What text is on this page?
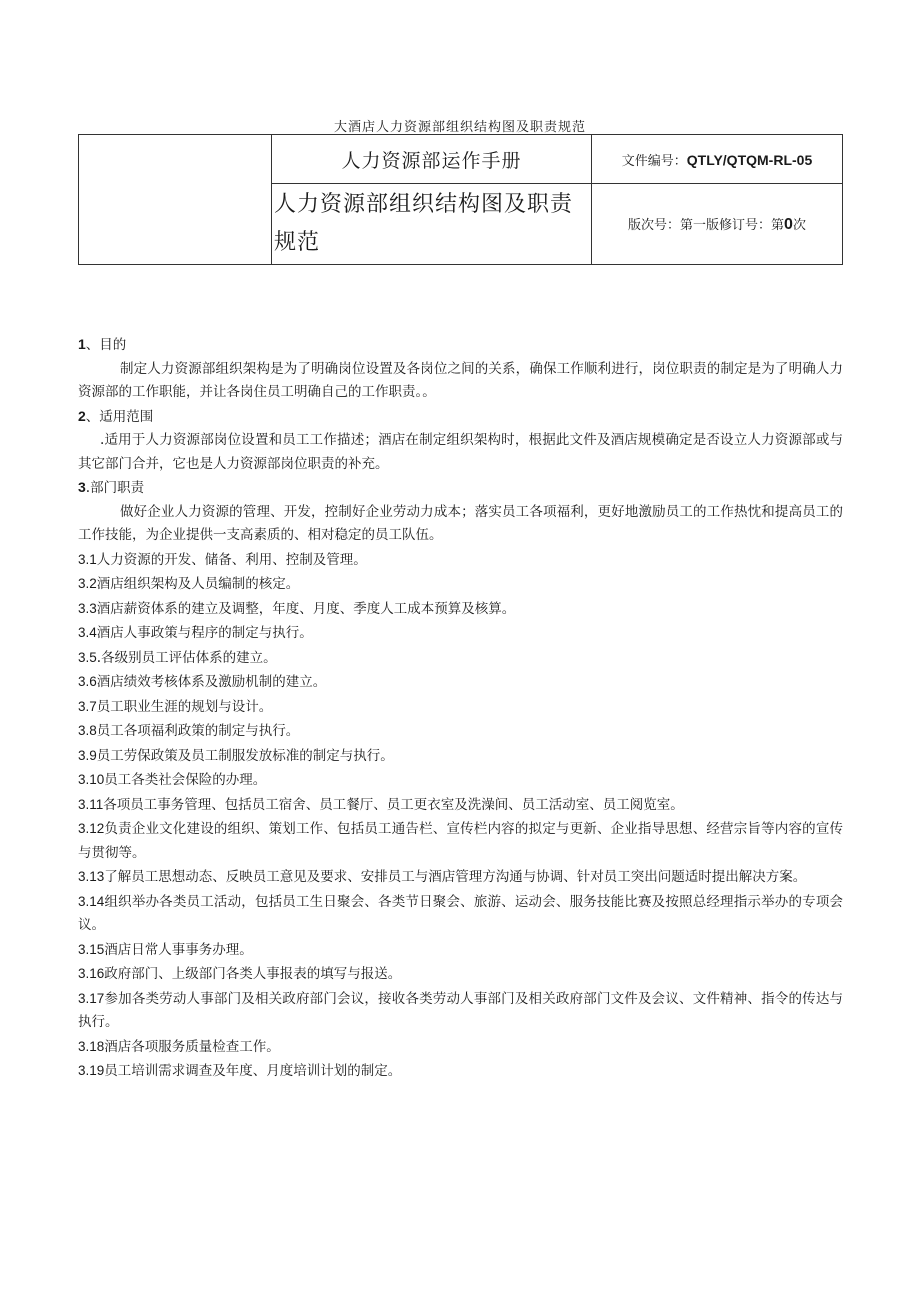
大酒店人力资源部组织结构图及职责规范
	人力资源部运作手册	文件编号：QTLY/QTQM-RL-05
	人力资源部组织结构图及职责规范	版次号：第一版修订号：第0次

1、目的

制定人力资源部组织架构是为了明确岗位设置及各岗位之间的关系，确保工作顺利进行，岗位职责的制定是为了明确人力资源部的工作职能，并让各岗住员工明确自己的工作职责。。

2、适用范围

.适用于人力资源部岗位设置和员工工作描述；酒店在制定组织架构时，根据此文件及酒店规模确定是否设立人力资源部或与其它部门合并，它也是人力资源部岗位职责的补充。

3.部门职责

做好企业人力资源的管理、开发，控制好企业劳动力成本；落实员工各项福利，更好地激励员工的工作热忱和提高员工的工作技能，为企业提供一支高素质的、相对稳定的员工队伍。

3.1人力资源的开发、储备、利用、控制及管理。

3.2酒店组织架构及人员编制的核定。

3.3酒店薪资体系的建立及调整，年度、月度、季度人工成本预算及核算。

3.4酒店人事政策与程序的制定与执行。

3.5.各级别员工评估体系的建立。

3.6酒店绩效考核体系及激励机制的建立。

3.7员工职业生涯的规划与设计。

3.8员工各项福利政策的制定与执行。

3.9员工劳保政策及员工制服发放标准的制定与执行。

3.10员工各类社会保险的办理。

3.11各项员工事务管理、包括员工宿舍、员工餐厅、员工更衣室及洗澡间、员工活动室、员工阅览室。

3.12负责企业文化建设的组织、策划工作、包括员工通告栏、宣传栏内容的拟定与更新、企业指导思想、经营宗旨等内容的宣传与贯彻等。

3.13了解员工思想动态、反映员工意见及要求、安排员工与酒店管理方沟通与协调、针对员工突出问题适时提出解决方案。

3.14组织举办各类员工活动，包括员工生日聚会、各类节日聚会、旅游、运动会、服务技能比赛及按照总经理指示举办的专项会议。

3.15酒店日常人事事务办理。

3.16政府部门、上级部门各类人事报表的填写与报送。

3.17参加各类劳动人事部门及相关政府部门会议，接收各类劳动人事部门及相关政府部门文件及会议、文件精神、指令的传达与执行。

3.18酒店各项服务质量检查工作。

3.19员工培训需求调查及年度、月度培训计划的制定。
